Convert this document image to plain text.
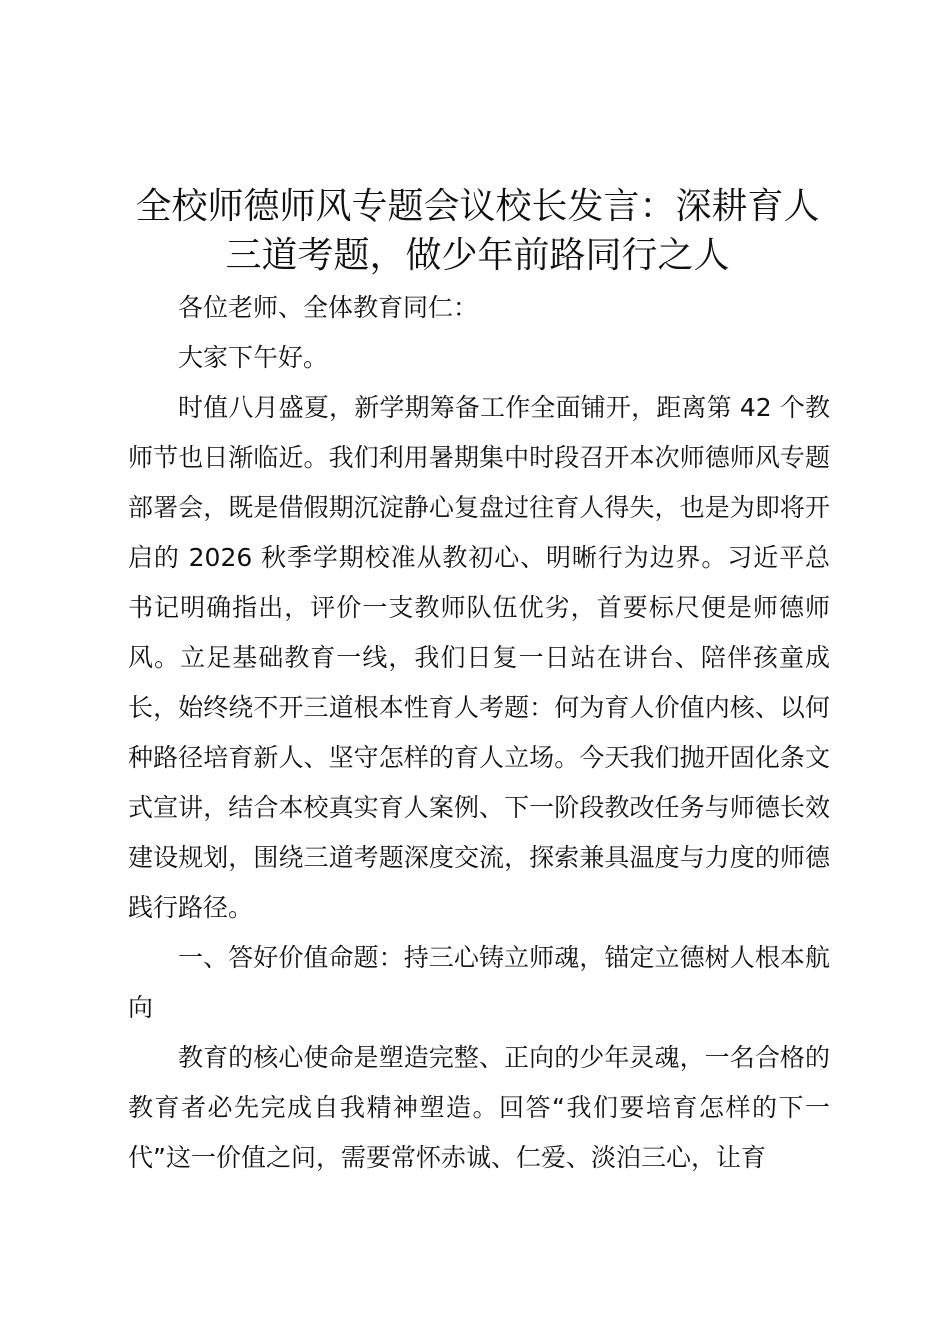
全校师德师风专题会议校长发言：深耕育人三道考题，做少年前路同行之人

各位老师、全体教育同仁：

大家下午好。

时值八月盛夏，新学期筹备工作全面铺开，距离第 42 个教师节也日渐临近。我们利用暑期集中时段召开本次师德师风专题部署会，既是借假期沉淀静心复盘过往育人得失，也是为即将开启的 2026 秋季学期校准从教初心、明晰行为边界。习近平总书记明确指出，评价一支教师队伍优劣，首要标尺便是师德师风。立足基础教育一线，我们日复一日站在讲台、陪伴孩童成长，始终绕不开三道根本性育人考题：何为育人价值内核、以何种路径培育新人、坚守怎样的育人立场。今天我们抛开固化条文式宣讲，结合本校真实育人案例、下一阶段教改任务与师德长效建设规划，围绕三道考题深度交流，探索兼具温度与力度的师德践行路径。

一、答好价值命题：持三心铸立师魂，锚定立德树人根本航向

教育的核心使命是塑造完整、正向的少年灵魂，一名合格的教育者必先完成自我精神塑造。回答“我们要培育怎样的下一代”这一价值之问，需要常怀赤诚、仁爱、淡泊三心，让育
